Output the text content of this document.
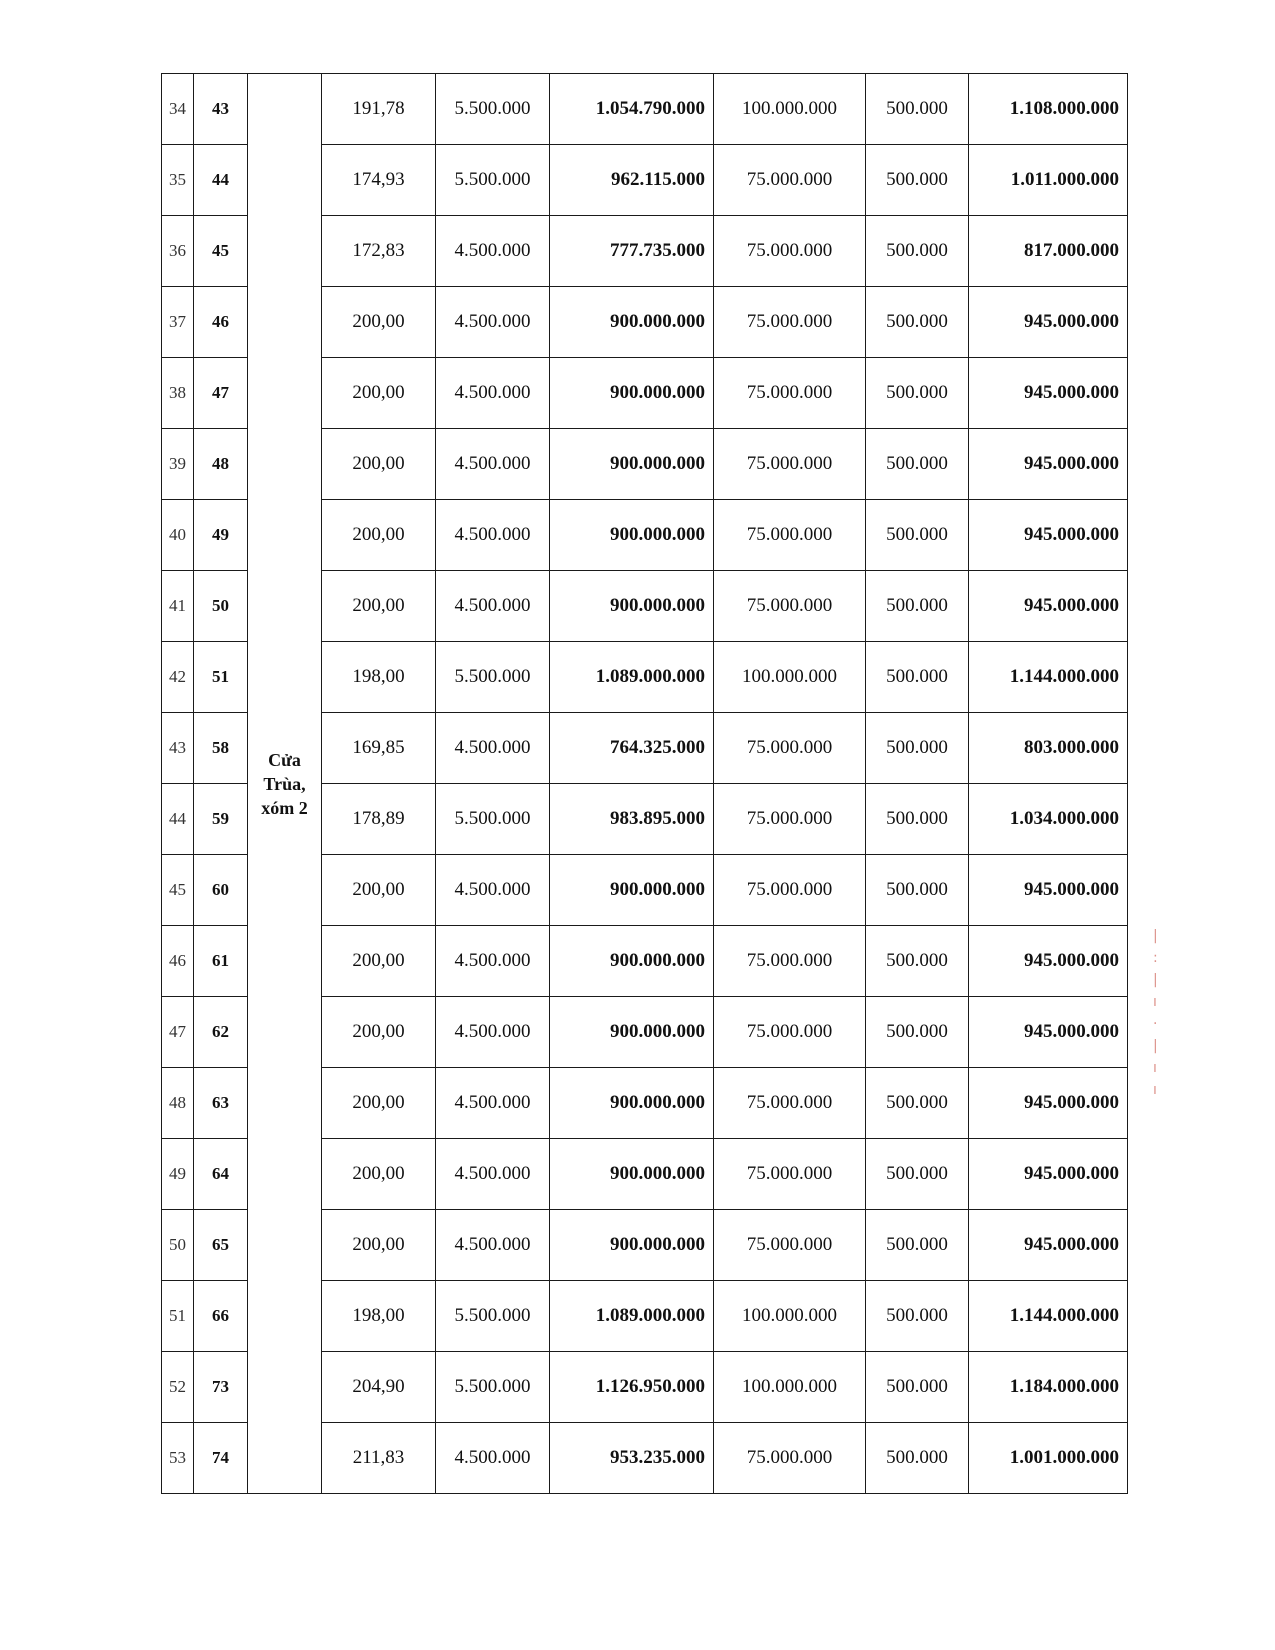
34	43	Cửa Trùa, xóm 2	191,78	5.500.000	1.054.790.000	100.000.000	500.000	1.108.000.000
35	44		174,93	5.500.000	962.115.000	75.000.000	500.000	1.011.000.000
36	45		172,83	4.500.000	777.735.000	75.000.000	500.000	817.000.000
37	46		200,00	4.500.000	900.000.000	75.000.000	500.000	945.000.000
38	47		200,00	4.500.000	900.000.000	75.000.000	500.000	945.000.000
39	48		200,00	4.500.000	900.000.000	75.000.000	500.000	945.000.000
40	49		200,00	4.500.000	900.000.000	75.000.000	500.000	945.000.000
41	50		200,00	4.500.000	900.000.000	75.000.000	500.000	945.000.000
42	51		198,00	5.500.000	1.089.000.000	100.000.000	500.000	1.144.000.000
43	58		169,85	4.500.000	764.325.000	75.000.000	500.000	803.000.000
44	59		178,89	5.500.000	983.895.000	75.000.000	500.000	1.034.000.000
45	60		200,00	4.500.000	900.000.000	75.000.000	500.000	945.000.000
46	61		200,00	4.500.000	900.000.000	75.000.000	500.000	945.000.000
47	62		200,00	4.500.000	900.000.000	75.000.000	500.000	945.000.000
48	63		200,00	4.500.000	900.000.000	75.000.000	500.000	945.000.000
49	64		200,00	4.500.000	900.000.000	75.000.000	500.000	945.000.000
50	65		200,00	4.500.000	900.000.000	75.000.000	500.000	945.000.000
51	66		198,00	5.500.000	1.089.000.000	100.000.000	500.000	1.144.000.000
52	73		204,90	5.500.000	1.126.950.000	100.000.000	500.000	1.184.000.000
53	74		211,83	4.500.000	953.235.000	75.000.000	500.000	1.001.000.000
|
:
|
ı
·
|
ı
ı
